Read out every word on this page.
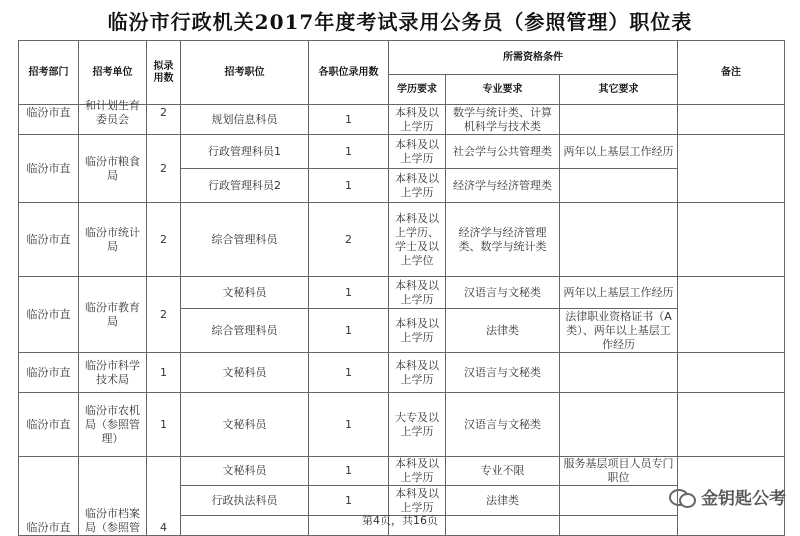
临汾市行政机关2017年度考试录用公务员（参照管理）职位表
招考部门	招考单位	拟录用数	招考职位	各职位录用数	所需资格条件			备注
					学历要求	专业要求	其它要求	

临汾市直	和计划生育委员会	2	规划信息科员	1	本科及以上学历	数学与统计类、计算机科学与技术类		
临汾市直	临汾市粮食局	2	行政管理科员1	1	本科及以上学历	社会学与公共管理类	两年以上基层工作经历	
			行政管理科员2	1	本科及以上学历	经济学与经济管理类		
临汾市直	临汾市统计局	2	综合管理科员	2	本科及以上学历、学士及以上学位	经济学与经济管理类、数学与统计类		
临汾市直	临汾市教育局	2	文秘科员	1	本科及以上学历	汉语言与文秘类	两年以上基层工作经历	
			综合管理科员	1	本科及以上学历	法律类	法律职业资格证书（A类）、两年以上基层工作经历	
临汾市直	临汾市科学技术局	1	文秘科员	1	本科及以上学历	汉语言与文秘类		
临汾市直	临汾市农机局（参照管理）	1	文秘科员	1	大专及以上学历	汉语言与文秘类		
临汾市直	临汾市档案局（参照管	4	文秘科员	1	本科及以上学历	专业不限	服务基层项目人员专门职位	
			行政执法科员	1	本科及以上学历	法律类		
					金钥匙公考
第4页，共16页
